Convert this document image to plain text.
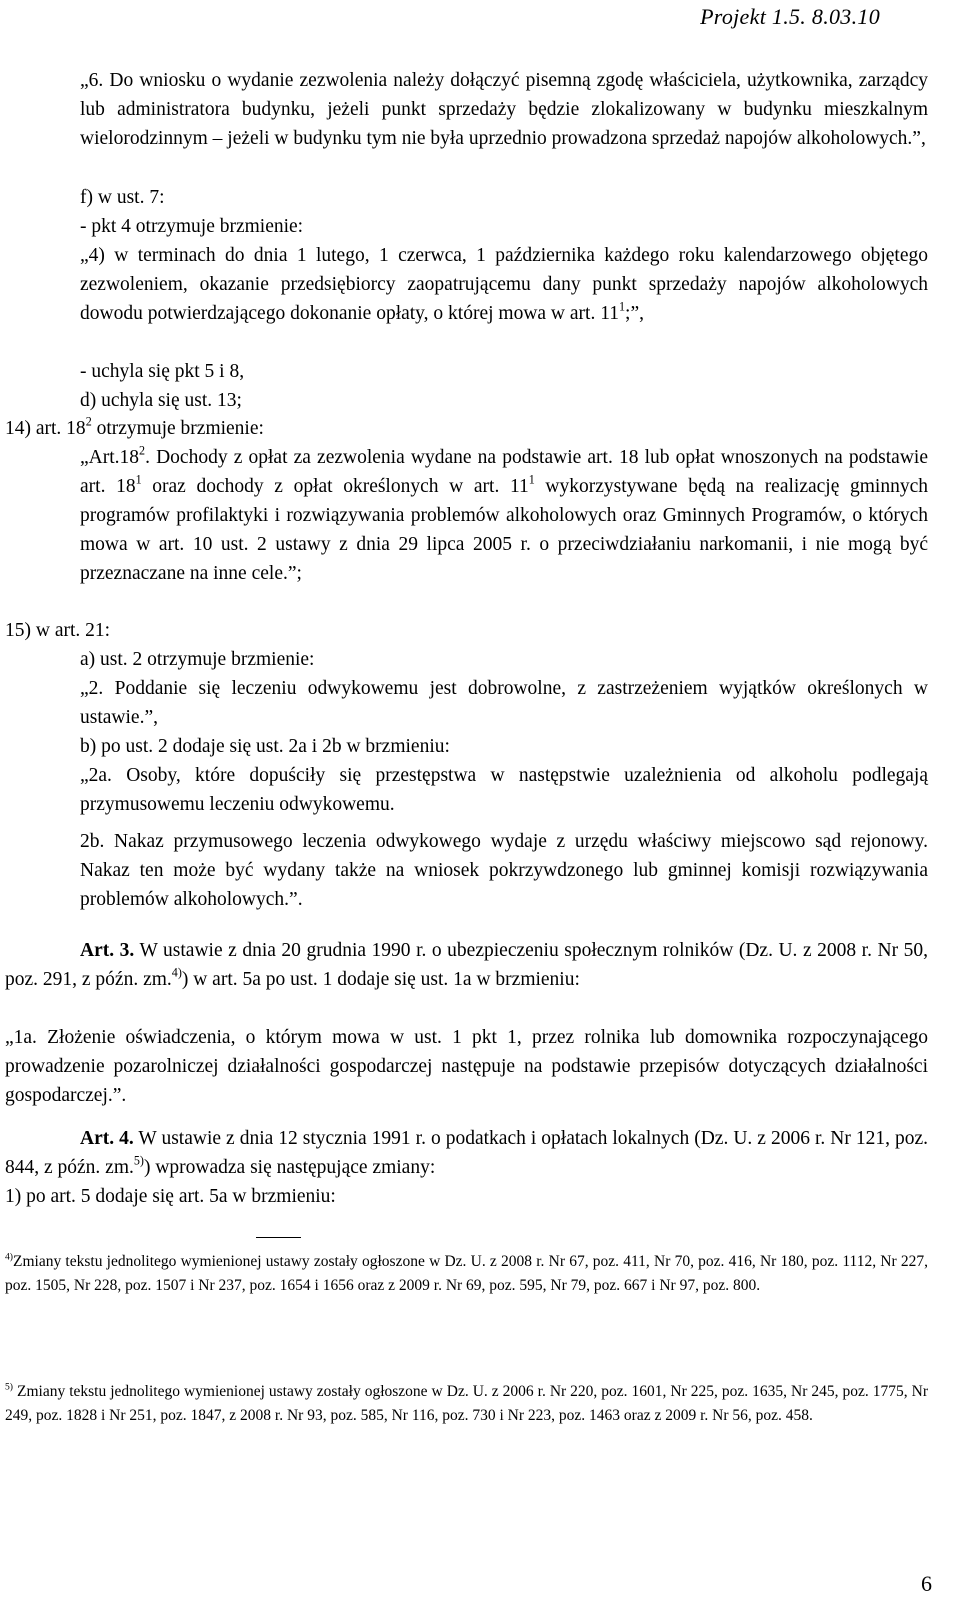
Projekt 1.5. 8.03.10

„6. Do wniosku o wydanie zezwolenia należy dołączyć pisemną zgodę właściciela, użytkownika, zarządcy lub administratora budynku, jeżeli punkt sprzedaży będzie zlokalizowany w budynku mieszkalnym wielorodzinnym – jeżeli w budynku tym nie była uprzednio prowadzona sprzedaż napojów alkoholowych.”,

f) w ust. 7:

- pkt 4 otrzymuje brzmienie:

„4) w terminach do dnia 1 lutego, 1 czerwca, 1 października każdego roku kalendarzowego objętego zezwoleniem, okazanie przedsiębiorcy zaopatrującemu dany punkt sprzedaży napojów alkoholowych dowodu potwierdzającego dokonanie opłaty, o której mowa w art. $11^1$;”,

- uchyla się pkt 5 i 8,

d) uchyla się ust. 13;

14) art. $18^2$ otrzymuje brzmienie:

$„Art.18^2$. Dochody z opłat za zezwolenia wydane na podstawie art. 18 lub opłat wnoszonych na podstawie art. $18^1$ oraz dochody z opłat określonych w art. $11^1$ wykorzystywane będą na realizację gminnych programów profilaktyki i rozwiązywania problemów alkoholowych oraz Gminnych Programów, o których mowa w art. 10 ust. 2 ustawy z dnia 29 lipca 2005 r. o przeciwdziałaniu narkomanii, i nie mogą być przeznaczane na inne cele.”;

15) w art. 21:

a) ust. 2 otrzymuje brzmienie:

„2. Poddanie się leczeniu odwykowemu jest dobrowolne, z zastrzeżeniem wyjątków określonych w ustawie.”,

b) po ust. 2 dodaje się ust. 2a i 2b w brzmieniu:

„2a. Osoby, które dopuściły się przestępstwa w następstwie uzależnienia od alkoholu podlegają przymusowemu leczeniu odwykowemu.

2b. Nakaz przymusowego leczenia odwykowego wydaje z urzędu właściwy miejscowo sąd rejonowy. Nakaz ten może być wydany także na wniosek pokrzywdzonego lub gminnej komisji rozwiązywania problemów alkoholowych.”.

Art. 3. W ustawie z dnia 20 grudnia 1990 r. o ubezpieczeniu społecznym rolników (Dz. U. z 2008 r. Nr 50, poz. 291, z późn. zm.$^{4)}$) w art. 5a po ust. 1 dodaje się ust. 1a w brzmieniu:

„1a. Złożenie oświadczenia, o którym mowa w ust. 1 pkt 1, przez rolnika lub domownika rozpoczynającego prowadzenie pozarolniczej działalności gospodarczej następuje na podstawie przepisów dotyczących działalności gospodarczej.”.

Art. 4. W ustawie z dnia 12 stycznia 1991 r. o podatkach i opłatach lokalnych (Dz. U. z 2006 r. Nr 121, poz. 844, z późn. zm.$^{5)}$) wprowadza się następujące zmiany:

1) po art. 5 dodaje się art. 5a w brzmieniu:

$^{4)}$Zmiany tekstu jednolitego wymienionej ustawy zostały ogłoszone w Dz. U. z 2008 r. Nr 67, poz. 411, Nr 70, poz. 416, Nr 180, poz. 1112, Nr 227, poz. 1505, Nr 228, poz. 1507 i Nr 237, poz. 1654 i 1656 oraz z 2009 r. Nr 69, poz. 595, Nr 79, poz. 667 i Nr 97, poz. 800.

$^{5)}$ Zmiany tekstu jednolitego wymienionej ustawy zostały ogłoszone w Dz. U. z 2006 r. Nr 220, poz. 1601, Nr 225, poz. 1635, Nr 245, poz. 1775, Nr 249, poz. 1828 i Nr 251, poz. 1847, z 2008 r. Nr 93, poz. 585, Nr 116, poz. 730 i Nr 223, poz. 1463 oraz z 2009 r. Nr 56, poz. 458.

6
